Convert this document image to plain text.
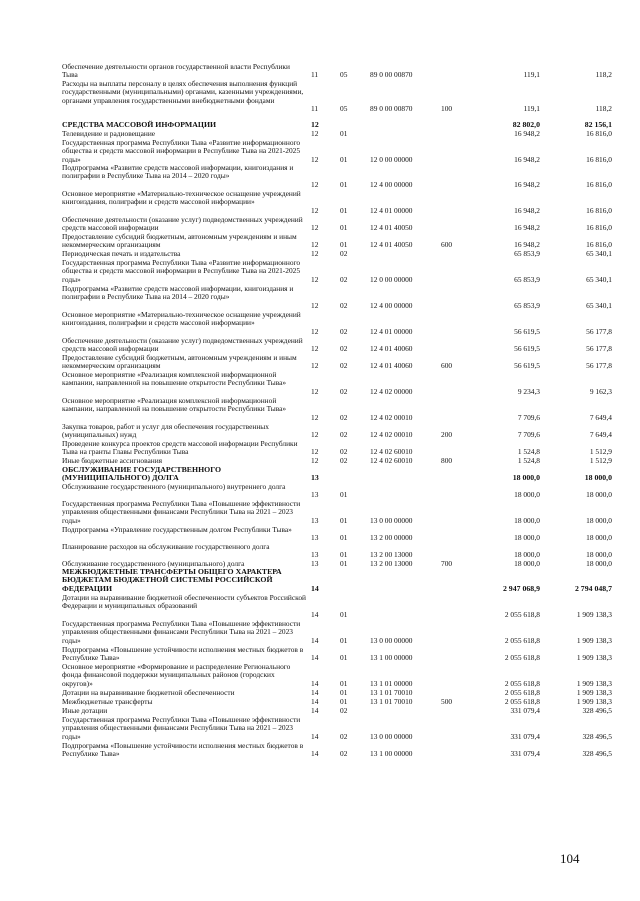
Обеспечение деятельности органов государственной власти Республики Тыва	11	05	89 0 00 00870	119,1	118,2
Расходы на выплаты персоналу в целях обеспечения выполнения функций государственными (муниципальными) органами, казенными учреждениями, органами управления государственными внебюджетными фондами
11	05	89 0 00 00870	100	119,1	118,2
СРЕДСТВА МАССОВОЙ ИНФОРМАЦИИ	12	82 802,0	82 156,1
Телевидение и радиовещание	12	01	16 948,2	16 816,0
Государственная программа Республики Тыва «Развитие информационного общества и средств массовой информации в Республике Тыва на 2021-2025 годы»	12	01	12 0 00 00000	16 948,2	16 816,0
Подпрограмма «Развитие средств массовой информации, книгоиздания и полиграфии в Республике Тыва на 2014 – 2020 годы»
12	01	12 4 00 00000	16 948,2	16 816,0
Основное мероприятие «Материально-техническое оснащение учреждений книгоиздания, полиграфии и средств массовой информации»
12	01	12 4 01 00000	16 948,2	16 816,0
Обеспечение деятельности (оказание услуг) подведомственных учреждений средств массовой информации	12	01	12 4 01 40050	16 948,2	16 816,0
Предоставление субсидий бюджетным, автономным учреждениям и иным некоммерческим организациям	12	01	12 4 01 40050	600	16 948,2	16 816,0
Периодическая печать и издательства	12	02	65 853,9	65 340,1
Государственная программа Республики Тыва «Развитие информационного общества и средств массовой информации в Республике Тыва на 2021-2025 годы»	12	02	12 0 00 00000	65 853,9	65 340,1
Подпрограмма «Развитие средств массовой информации, книгоиздания и полиграфии в Республике Тыва на 2014 – 2020 годы»
12	02	12 4 00 00000	65 853,9	65 340,1
Основное мероприятие «Материально-техническое оснащение учреждений книгоиздания, полиграфии и средств массовой информации»
12	02	12 4 01 00000	56 619,5	56 177,8
Обеспечение деятельности (оказание услуг) подведомственных учреждений средств массовой информации	12	02	12 4 01 40060	56 619,5	56 177,8
Предоставление субсидий бюджетным, автономным учреждениям и иным некоммерческим организациям	12	02	12 4 01 40060	600	56 619,5	56 177,8
Основное мероприятие «Реализация комплексной информационной кампании, направленной на повышение открытости Республики Тыва»
12	02	12 4 02 00000	9 234,3	9 162,3
Основное мероприятие «Реализация комплексной информационной кампании, направленной на повышение открытости Республики Тыва»
12	02	12 4 02 00010	7 709,6	7 649,4
Закупка товаров, работ и услуг для обеспечения государственных (муниципальных) нужд	12	02	12 4 02 00010	200	7 709,6	7 649,4
Проведение конкурса проектов средств массовой информации Республики Тыва на гранты Главы Республики Тыва	12	02	12 4 02 60010	1 524,8	1 512,9
Иные бюджетные ассигнования	12	02	12 4 02 60010	800	1 524,8	1 512,9
ОБСЛУЖИВАНИЕ ГОСУДАРСТВЕННОГО (МУНИЦИПАЛЬНОГО) ДОЛГА	13	18 000,0	18 000,0
Обслуживание государственного (муниципального) внутреннего долга
13	01	18 000,0	18 000,0
Государственная программа Республики Тыва «Повышение эффективности управления общественными финансами Республики Тыва на 2021 – 2023 годы»	13	01	13 0 00 00000	18 000,0	18 000,0
Подпрограмма «Управление государственным долгом Республики Тыва»
13	01	13 2 00 00000	18 000,0	18 000,0
Планирование расходов на обслуживание государственного долга
13	01	13 2 00 13000	18 000,0	18 000,0
Обслуживание государственного (муниципального) долга	13	01	13 2 00 13000	700	18 000,0	18 000,0
МЕЖБЮДЖЕТНЫЕ ТРАНСФЕРТЫ ОБЩЕГО ХАРАКТЕРА БЮДЖЕТАМ БЮДЖЕТНОЙ СИСТЕМЫ РОССИЙСКОЙ ФЕДЕРАЦИИ	14	2 947 068,9	2 794 048,7
Дотации на выравнивание бюджетной обеспеченности субъектов Российской Федерации и муниципальных образований
14	01	2 055 618,8	1 909 138,3
Государственная программа Республики Тыва «Повышение эффективности управления общественными финансами Республики Тыва на 2021 – 2023 годы»	14	01	13 0 00 00000	2 055 618,8	1 909 138,3
Подпрограмма «Повышение устойчивости исполнения местных бюджетов в Республике Тыва»	14	01	13 1 00 00000	2 055 618,8	1 909 138,3
Основное мероприятие «Формирование и распределение Регионального фонда финансовой поддержки муниципальных районов (городских округов)»	14	01	13 1 01 00000	2 055 618,8	1 909 138,3
Дотации на выравнивание бюджетной обеспеченности	14	01	13 1 01 70010	2 055 618,8	1 909 138,3
Межбюджетные трансферты	14	01	13 1 01 70010	500	2 055 618,8	1 909 138,3
Иные дотации	14	02	331 079,4	328 496,5
Государственная программа Республики Тыва «Повышение эффективности управления общественными финансами Республики Тыва на 2021 – 2023 годы»	14	02	13 0 00 00000	331 079,4	328 496,5
Подпрограмма «Повышение устойчивости исполнения местных бюджетов в Республике Тыва»	14	02	13 1 00 00000	331 079,4	328 496,5
104
